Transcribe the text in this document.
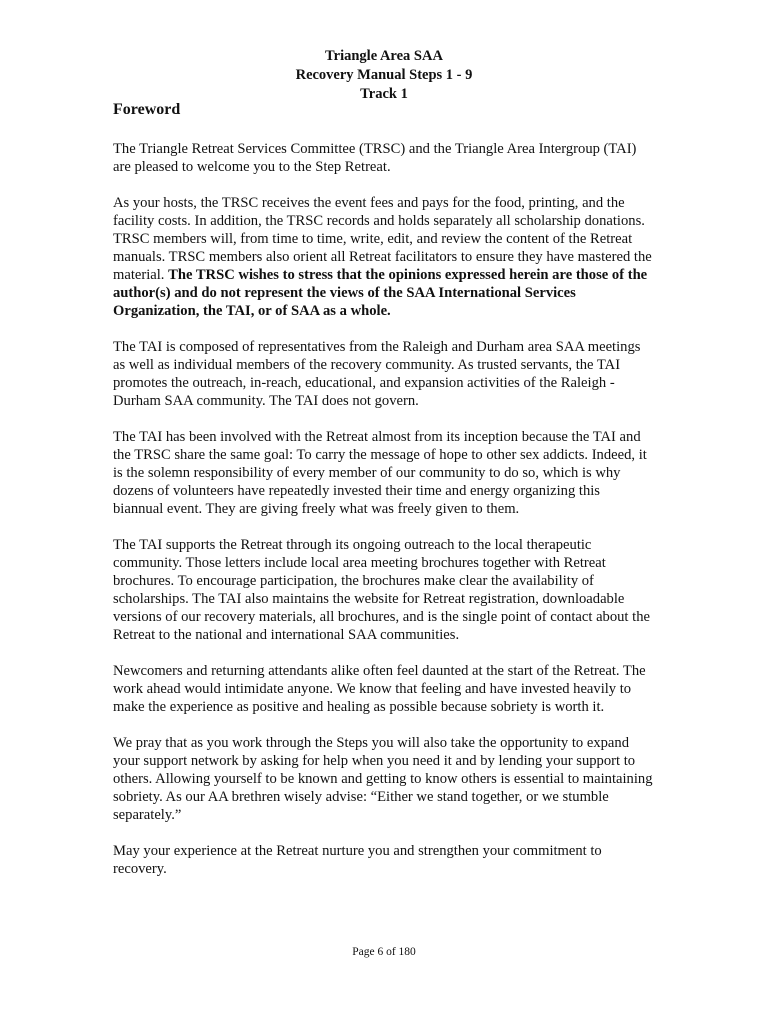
Triangle Area SAA
Recovery Manual Steps 1 - 9
Track 1
Foreword

The Triangle Retreat Services Committee (TRSC) and the Triangle Area Intergroup (TAI) are pleased to welcome you to the Step Retreat.

As your hosts, the TRSC receives the event fees and pays for the food, printing, and the facility costs. In addition, the TRSC records and holds separately all scholarship donations. TRSC members will, from time to time, write, edit, and review the content of the Retreat manuals. TRSC members also orient all Retreat facilitators to ensure they have mastered the material. The TRSC wishes to stress that the opinions expressed herein are those of the author(s) and do not represent the views of the SAA International Services Organization, the TAI, or of SAA as a whole.

The TAI is composed of representatives from the Raleigh and Durham area SAA meetings as well as individual members of the recovery community. As trusted servants, the TAI promotes the outreach, in-reach, educational, and expansion activities of the Raleigh - Durham SAA community. The TAI does not govern.

The TAI has been involved with the Retreat almost from its inception because the TAI and the TRSC share the same goal: To carry the message of hope to other sex addicts. Indeed, it is the solemn responsibility of every member of our community to do so, which is why dozens of volunteers have repeatedly invested their time and energy organizing this biannual event. They are giving freely what was freely given to them.

The TAI supports the Retreat through its ongoing outreach to the local therapeutic community. Those letters include local area meeting brochures together with Retreat brochures. To encourage participation, the brochures make clear the availability of scholarships. The TAI also maintains the website for Retreat registration, downloadable versions of our recovery materials, all brochures, and is the single point of contact about the Retreat to the national and international SAA communities.

Newcomers and returning attendants alike often feel daunted at the start of the Retreat. The work ahead would intimidate anyone. We know that feeling and have invested heavily to make the experience as positive and healing as possible because sobriety is worth it.

We pray that as you work through the Steps you will also take the opportunity to expand your support network by asking for help when you need it and by lending your support to others. Allowing yourself to be known and getting to know others is essential to maintaining sobriety. As our AA brethren wisely advise: “Either we stand together, or we stumble separately.”

May your experience at the Retreat nurture you and strengthen your commitment to recovery.

Page 6 of 180
